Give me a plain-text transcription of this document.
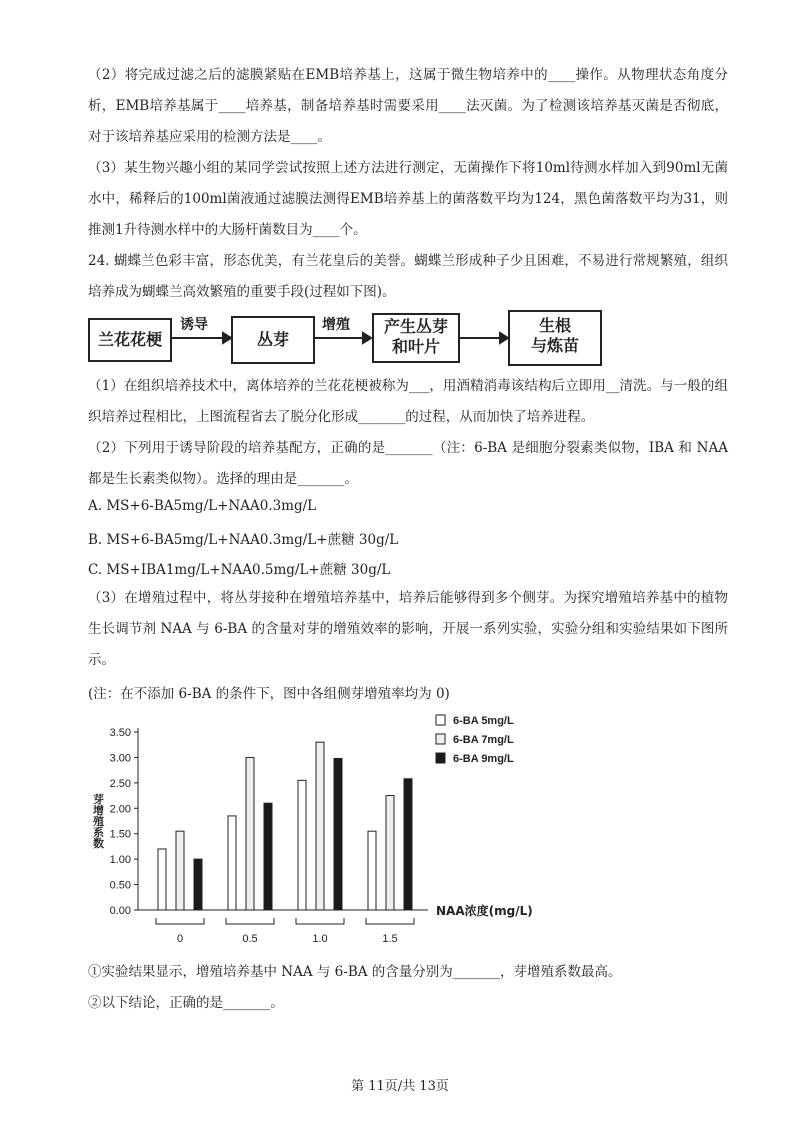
（2）将完成过滤之后的滤膜紧贴在EMB培养基上，这属于微生物培养中的____操作。从物理状态角度分析，EMB培养基属于____培养基，制备培养基时需要采用____法灭菌。为了检测该培养基灭菌是否彻底，对于该培养基应采用的检测方法是____。
（3）某生物兴趣小组的某同学尝试按照上述方法进行测定，无菌操作下将10ml待测水样加入到90ml无菌水中，稀释后的100ml菌液通过滤膜法测得EMB培养基上的菌落数平均为124，黑色菌落数平均为31，则推测1升待测水样中的大肠杆菌数目为____个。
24. 蝴蝶兰色彩丰富，形态优美，有兰花皇后的美誉。蝴蝶兰形成种子少且困难，不易进行常规繁殖，组织培养成为蝴蝶兰高效繁殖的重要手段(过程如下图)。
兰花花梗
诱导
丛芽
增殖	产生丛芽
和叶片
生根
与炼苗
（1）在组织培养技术中，离体培养的兰花花梗被称为___，用酒精消毒该结构后立即用__清洗。与一般的组织培养过程相比，上图流程省去了脱分化形成_______的过程，从而加快了培养进程。
（2）下列用于诱导阶段的培养基配方，正确的是_______（注：6-BA 是细胞分裂素类似物，IBA 和 NAA 都是生长素类似物）。选择的理由是_______。
A. MS+6-BA5mg/L+NAA0.3mg/L
B. MS+6-BA5mg/L+NAA0.3mg/L+蔗糖 30g/L
C. MS+IBA1mg/L+NAA0.5mg/L+蔗糖 30g/L
（3）在增殖过程中，将丛芽接种在增殖培养基中，培养后能够得到多个侧芽。为探究增殖培养基中的植物生长调节剂 NAA 与 6-BA 的含量对芽的增殖效率的影响，开展一系列实验，实验分组和实验结果如下图所示。
(注：在不添加 6-BA 的条件下，图中各组侧芽增殖率均为 0)
0.00
0.50
1.00
1.50
2.00
2.50
3.00
3.50
芽增殖系数
NAA浓度(mg/L)
0	0.5	1.0	1.5
6-BA 5mg/L
6-BA 7mg/L
6-BA 9mg/L
①实验结果显示，增殖培养基中 NAA 与 6-BA 的含量分别为_______，芽增殖系数最高。
②以下结论，正确的是_______。
第 11页/共 13页
